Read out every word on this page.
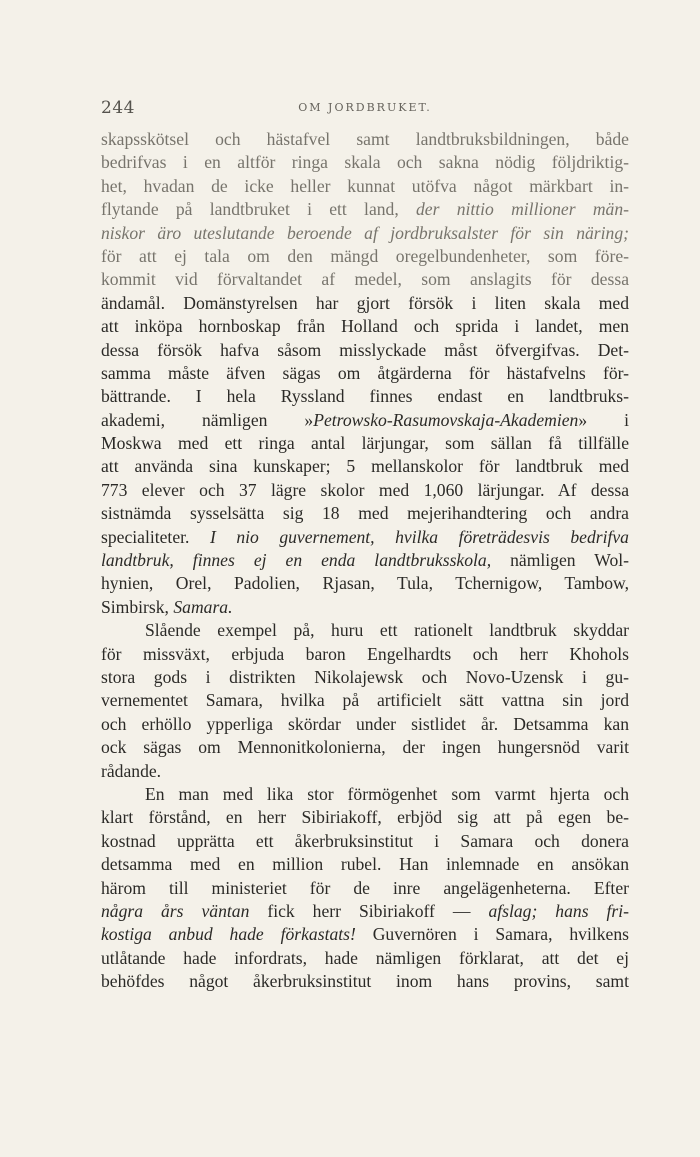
244	OM JORDBRUKET.
skapsskötsel och hästafvel samt landtbruksbildningen, både
bedrifvas i en altför ringa skala och sakna nödig följdriktig-
het, hvadan de icke heller kunnat utöfva något märkbart in-
flytande på landtbruket i ett land, der nittio millioner män-
niskor äro uteslutande beroende af jordbruksalster för sin näring;
för att ej tala om den mängd oregelbundenheter, som före-
kommit vid förvaltandet af medel, som anslagits för dessa
ändamål. Domänstyrelsen har gjort försök i liten skala med
att inköpa hornboskap från Holland och sprida i landet, men
dessa försök hafva såsom misslyckade måst öfvergifvas. Det-
samma måste äfven sägas om åtgärderna för hästafvelns för-
bättrande. I hela Ryssland finnes endast en landtbruks-
akademi, nämligen »Petrowsko-Rasumovskaja-Akademien» i
Moskwa med ett ringa antal lärjungar, som sällan få tillfälle
att använda sina kunskaper; 5 mellanskolor för landtbruk med
773 elever och 37 lägre skolor med 1,060 lärjungar. Af dessa
sistnämda sysselsätta sig 18 med mejerihandtering och andra
specialiteter. I nio guvernement, hvilka företrädesvis bedrifva
landtbruk, finnes ej en enda landtbruksskola, nämligen Wol-
hynien, Orel, Padolien, Rjasan, Tula, Tchernigow, Tambow,
Simbirsk, Samara.
Slående exempel på, huru ett rationelt landtbruk skyddar
för missväxt, erbjuda baron Engelhardts och herr Khohols
stora gods i distrikten Nikolajewsk och Novo-Uzensk i gu-
vernementet Samara, hvilka på artificielt sätt vattna sin jord
och erhöllo ypperliga skördar under sistlidet år. Detsamma kan
ock sägas om Mennonitkolonierna, der ingen hungersnöd varit
rådande.
En man med lika stor förmögenhet som varmt hjerta och
klart förstånd, en herr Sibiriakoff, erbjöd sig att på egen be-
kostnad upprätta ett åkerbruksinstitut i Samara och donera
detsamma med en million rubel. Han inlemnade en ansökan
härom till ministeriet för de inre angelägenheterna. Efter
några års väntan fick herr Sibiriakoff — afslag; hans fri-
kostiga anbud hade förkastats! Guvernören i Samara, hvilkens
utlåtande hade infordrats, hade nämligen förklarat, att det ej
behöfdes något åkerbruksinstitut inom hans provins, samt
